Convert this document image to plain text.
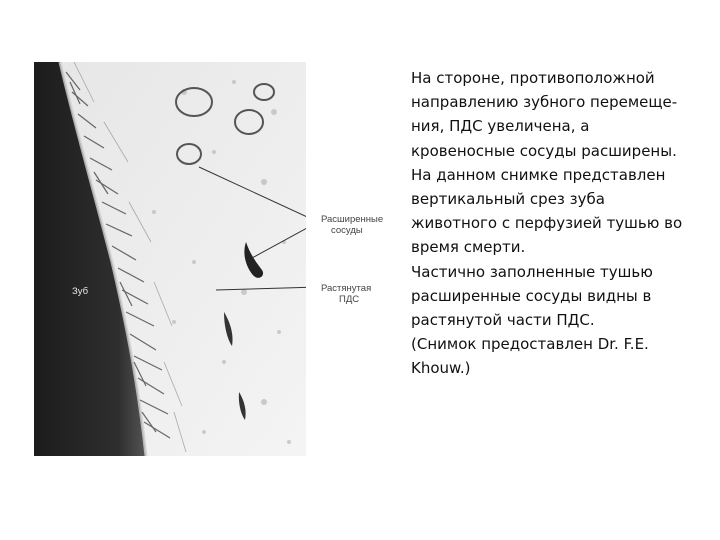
Зуб
Расширенные
сосуды
Растянутая
ПДС

На стороне, противоположной направлению зубного перемеще-ния, ПДС увеличена, а кровеносные сосуды расширены.

На данном снимке представлен вертикальный срез зуба животного с перфузией тушью во время смерти.

Частично заполненные тушью расширенные сосуды видны в растянутой части ПДС.

(Снимок предоставлен Dr. F.E. Khouw.)
